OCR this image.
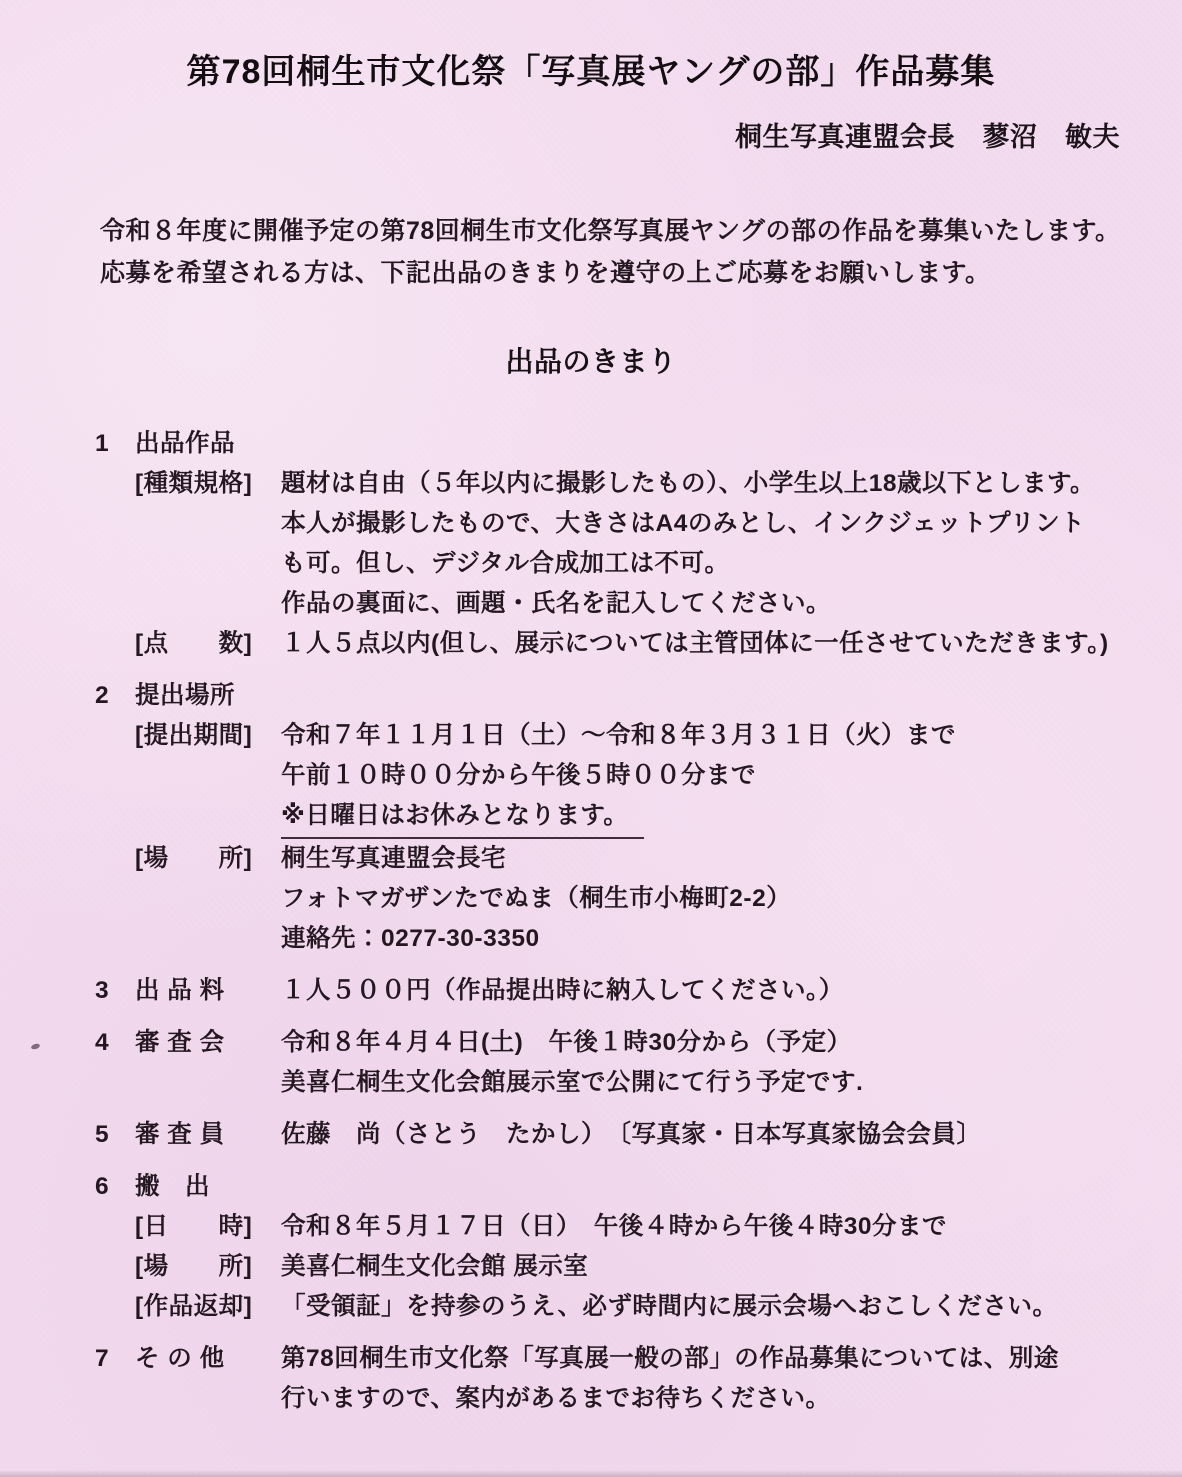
第78回桐生市文化祭「写真展ヤングの部」作品募集
桐生写真連盟会長　蓼沼　敏夫

令和８年度に開催予定の第78回桐生市文化祭写真展ヤングの部の作品を募集いたします。

応募を希望される方は、下記出品のきまりを遵守の上ご応募をお願いします。

出品のきまり
1	出品作品
[種類規格]	題材は自由（５年以内に撮影したもの）、小学生以上18歳以下とします。
本人が撮影したもので、大きさはA4のみとし、インクジェットプリント
も可。但し、デジタル合成加工は不可。
作品の裏面に、画題・氏名を記入してください。
[点　　数]	１人５点以内(但し、展示については主管団体に一任させていただきます。)
2	提出場所
[提出期間]	令和７年１１月１日（土）～令和８年３月３１日（火）まで
午前１０時００分から午後５時００分まで
※日曜日はお休みとなります。
[場　　所]	桐生写真連盟会長宅
フォトマガザンたでぬま（桐生市小梅町2-2）
連絡先：0277-30-3350
3	出 品 料	１人５００円（作品提出時に納入してください。）
4	審 査 会	令和８年４月４日(土)　午後１時30分から（予定）
美喜仁桐生文化会館展示室で公開にて行う予定です.
5	審 査 員	佐藤　尚（さとう　たかし）　〔写真家・日本写真家協会会員〕
6	搬　出
[日　　時]	令和８年５月１７日（日）　午後４時から午後４時30分まで
[場　　所]	美喜仁桐生文化会館 展示室
[作品返却]	「受領証」を持参のうえ、必ず時間内に展示会場へおこしください。
7	そ の 他	第78回桐生市文化祭「写真展一般の部」の作品募集については、別途
行いますので、案内があるまでお待ちください。
